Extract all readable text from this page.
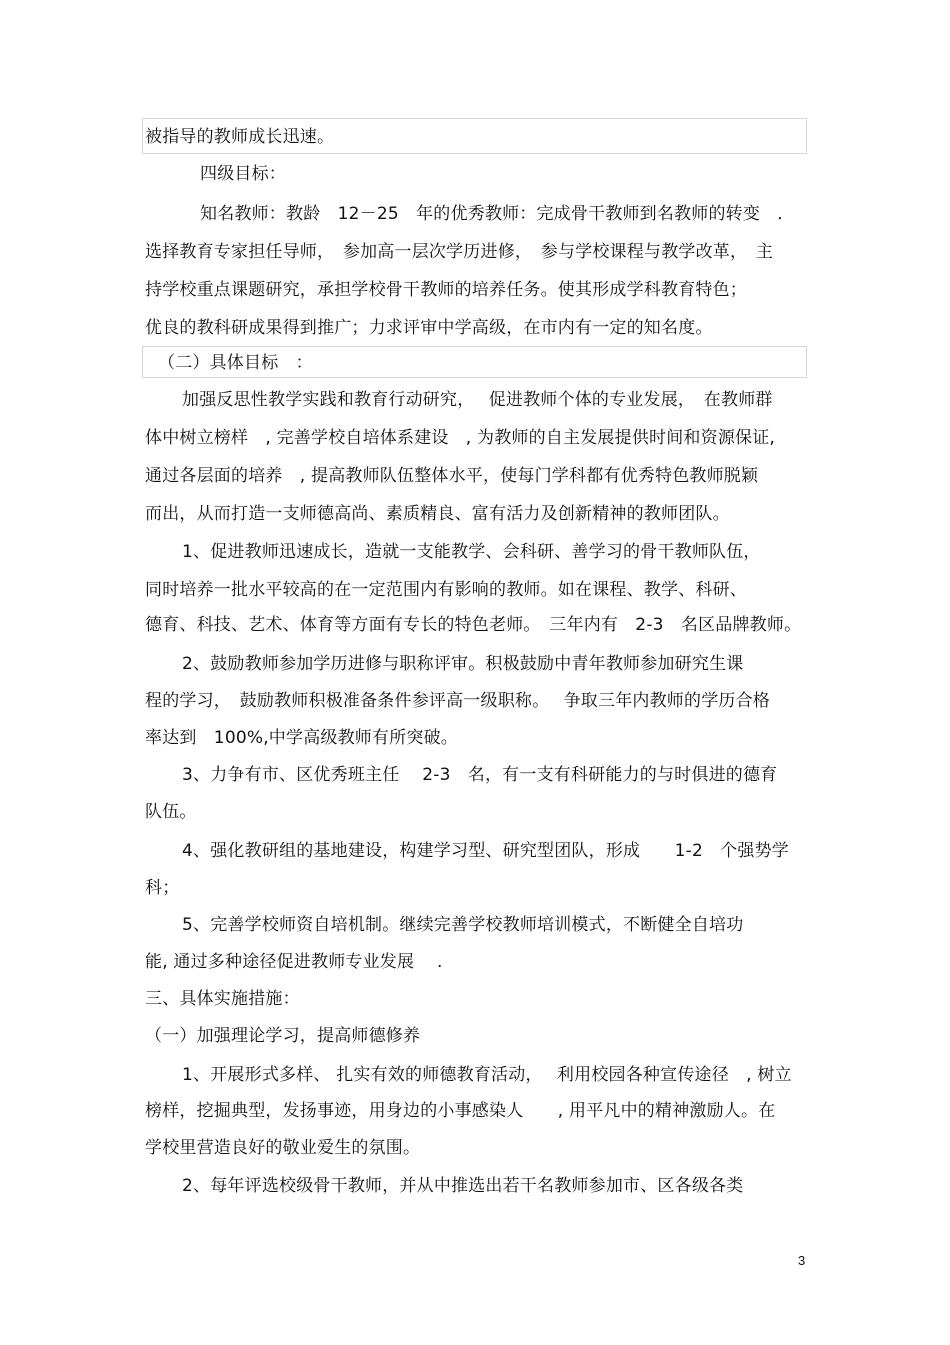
被指导的教师成长迅速。
四级目标：
知名教师：教龄　12－25　年的优秀教师：完成骨干教师到名教师的转变　．
选择教育专家担任导师，　参加高一层次学历进修，　参与学校课程与教学改革，　主
持学校重点课题研究，承担学校骨干教师的培养任务。使其形成学科教育特色；
优良的教科研成果得到推广；力求评审中学高级，在市内有一定的知名度。
（二）具体目标　：
加强反思性教学实践和教育行动研究，　 促进教师个体的专业发展，　在教师群
体中树立榜样　, 完善学校自培体系建设　, 为教师的自主发展提供时间和资源保证,
通过各层面的培养　, 提高教师队伍整体水平，使每门学科都有优秀特色教师脱颖
而出，从而打造一支师德高尚、素质精良、富有活力及创新精神的教师团队。
1、促进教师迅速成长，造就一支能教学、会科研、善学习的骨干教师队伍，
同时培养一批水平较高的在一定范围内有影响的教师。如在课程、教学、科研、
德育、科技、艺术、体育等方面有专长的特色老师。　三年内有　2-3　名区品牌教师。
2、鼓励教师参加学历进修与职称评审。积极鼓励中青年教师参加研究生课
程的学习，　鼓励教师积极准备条件参评高一级职称。　 争取三年内教师的学历合格
率达到　100%,中学高级教师有所突破。
3、力争有市、区优秀班主任　 2-3　名，有一支有科研能力的与时俱进的德育
队伍。
4、强化教研组的基地建设，构建学习型、研究型团队，形成　　1-2　个强势学
科；
5、完善学校师资自培机制。继续完善学校教师培训模式，不断健全自培功
能, 通过多种途径促进教师专业发展　 .
三、具体实施措施：
（一）加强理论学习，提高师德修养
1、开展形式多样、 扎实有效的师德教育活动，　 利用校园各种宣传途径　, 树立
榜样，挖掘典型，发扬事迹，用身边的小事感染人　　, 用平凡中的精神激励人。在
学校里营造良好的敬业爱生的氛围。
2、每年评选校级骨干教师，并从中推选出若干名教师参加市、区各级各类
3
